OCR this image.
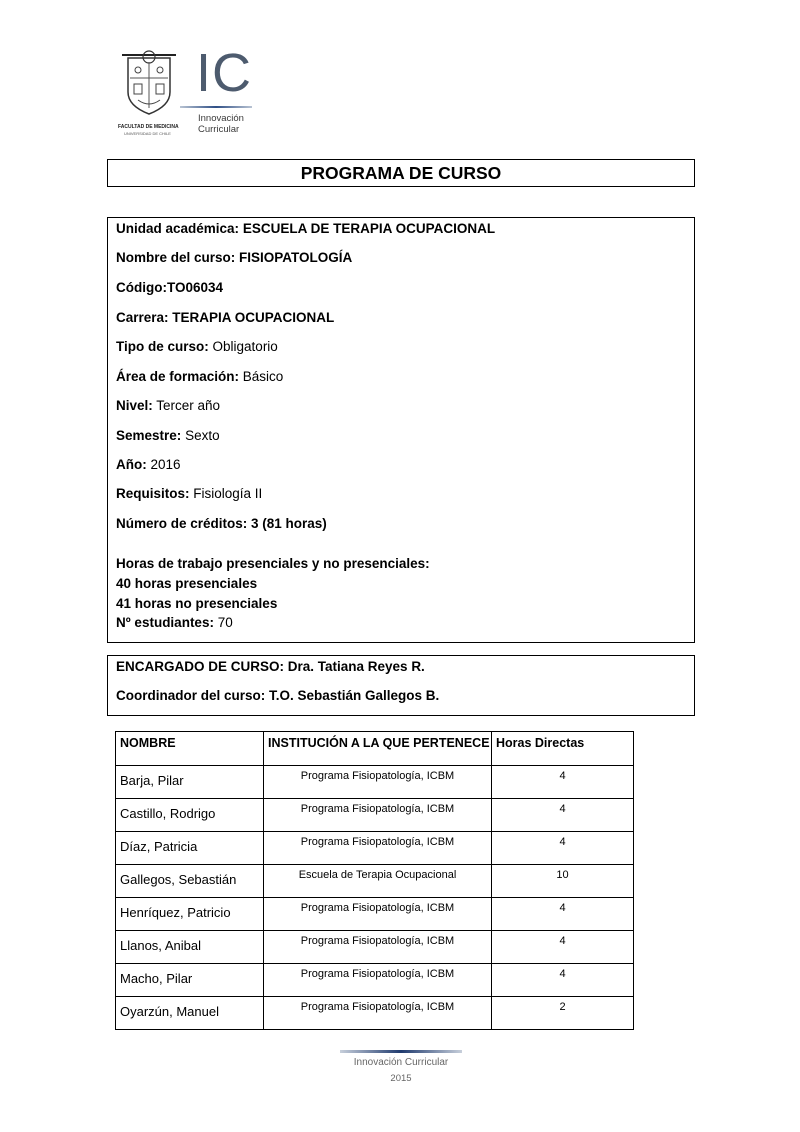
FACULTAD DE MEDICINA
UNIVERSIDAD DE CHILE
IC
Innovación
Curricular
PROGRAMA DE CURSO
Unidad académica: ESCUELA DE TERAPIA OCUPACIONAL
Nombre del curso: FISIOPATOLOGÍA
Código:TO06034
Carrera: TERAPIA OCUPACIONAL
Tipo de curso: Obligatorio
Área de formación: Básico
Nivel: Tercer año
Semestre: Sexto
Año: 2016
Requisitos: Fisiología II
Número de créditos: 3 (81 horas)
Horas de trabajo presenciales y no presenciales:
40 horas presenciales
41 horas no presenciales
Nº estudiantes: 70
ENCARGADO DE CURSO: Dra. Tatiana Reyes R.
Coordinador del curso: T.O. Sebastián Gallegos B.
NOMBRE	INSTITUCIÓN A LA QUE PERTENECE	Horas Directas
Barja, Pilar	Programa Fisiopatología, ICBM	4
Castillo, Rodrigo	Programa Fisiopatología, ICBM	4
Díaz, Patricia	Programa Fisiopatología, ICBM	4
Gallegos, Sebastián	Escuela de Terapia Ocupacional	10
Henríquez, Patricio	Programa Fisiopatología, ICBM	4
Llanos, Anibal	Programa Fisiopatología, ICBM	4
Macho, Pilar	Programa Fisiopatología, ICBM	4
Oyarzún, Manuel	Programa Fisiopatología, ICBM	2
Innovación Curricular
2015
